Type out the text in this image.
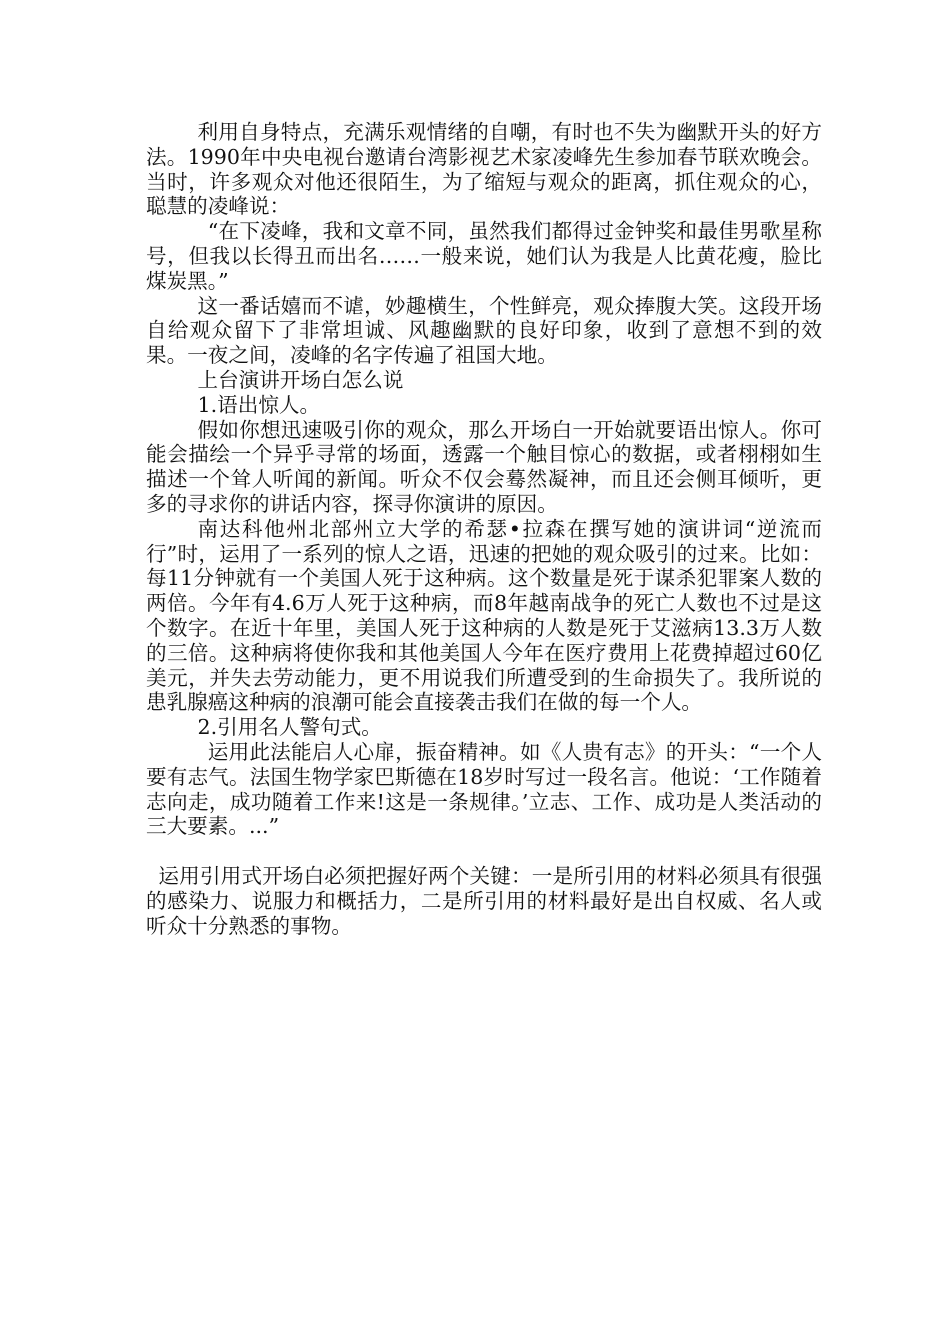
利用自身特点，充满乐观情绪的自嘲，有时也不失为幽默开头的好方法。1990年中央电视台邀请台湾影视艺术家凌峰先生参加春节联欢晚会。当时，许多观众对他还很陌生，为了缩短与观众的距离，抓住观众的心，聪慧的凌峰说：

“在下凌峰，我和文章不同，虽然我们都得过金钟奖和最佳男歌星称号，但我以长得丑而出名……一般来说，她们认为我是人比黄花瘦，脸比煤炭黑。”

这一番话嬉而不谑，妙趣横生，个性鲜亮，观众捧腹大笑。这段开场自给观众留下了非常坦诚、风趣幽默的良好印象，收到了意想不到的效果。一夜之间，凌峰的名字传遍了祖国大地。

上台演讲开场白怎么说

1.语出惊人。

假如你想迅速吸引你的观众，那么开场白一开始就要语出惊人。你可能会描绘一个异乎寻常的场面，透露一个触目惊心的数据，或者栩栩如生描述一个耸人听闻的新闻。听众不仅会蓦然凝神，而且还会侧耳倾听，更多的寻求你的讲话内容，探寻你演讲的原因。

南达科他州北部州立大学的希瑟•拉森在撰写她的演讲词“逆流而行”时，运用了一系列的惊人之语，迅速的把她的观众吸引的过来。比如：每11分钟就有一个美国人死于这种病。这个数量是死于谋杀犯罪案人数的两倍。今年有4.6万人死于这种病，而8年越南战争的死亡人数也不过是这个数字。在近十年里，美国人死于这种病的人数是死于艾滋病13.3万人数的三倍。这种病将使你我和其他美国人今年在医疗费用上花费掉超过60亿美元，并失去劳动能力，更不用说我们所遭受到的生命损失了。我所说的患乳腺癌这种病的浪潮可能会直接袭击我们在做的每一个人。

2.引用名人警句式。

运用此法能启人心扉，振奋精神。如《人贵有志》的开头：“一个人要有志气。法国生物学家巴斯德在18岁时写过一段名言。他说：‘工作随着志向走，成功随着工作来!这是一条规律。’立志、工作、成功是人类活动的三大要素。...”

运用引用式开场白必须把握好两个关键：一是所引用的材料必须具有很强的感染力、说服力和概括力，二是所引用的材料最好是出自权威、名人或听众十分熟悉的事物。
